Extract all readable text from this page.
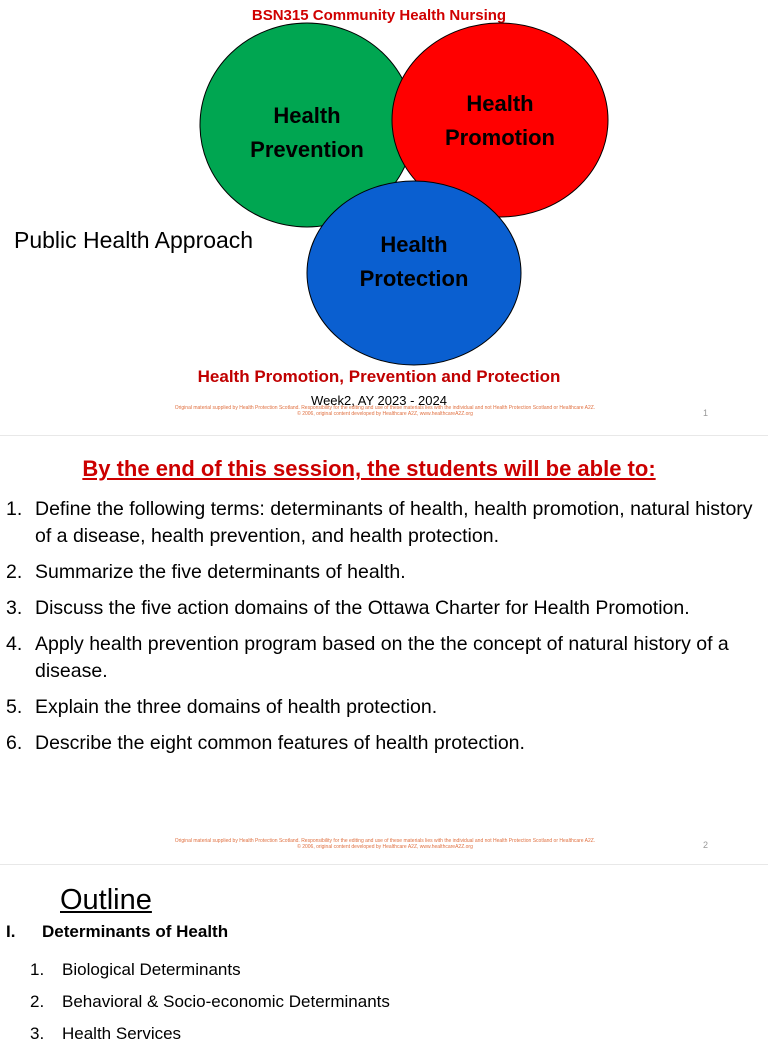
BSN315 Community Health Nursing
Health
Prevention
Health
Promotion
Health
Protection
Public Health Approach
Health Promotion, Prevention and Protection
Week2, AY 2023 - 2024
Original material supplied by Health Protection Scotland. Responsibility for the editing and use of these materials lies with the individual and not Health Protection Scotland or Healthcare A2Z.
© 2006, original content developed by Healthcare A2Z, www.healthcareA2Z.org	1
By the end of this session, the students will be able to:
1. Define the following terms: determinants of health, health promotion, natural history of a disease, health prevention, and health protection.
2. Summarize the five determinants of health.
3. Discuss the five action domains of the Ottawa Charter for Health Promotion.
4. Apply health prevention program based on the the concept of natural history of a disease.
5. Explain the three domains of health protection.
6. Describe the eight common features of health protection.
Original material supplied by Health Protection Scotland. Responsibility for the editing and use of these materials lies with the individual and not Health Protection Scotland or Healthcare A2Z.
© 2006, original content developed by Healthcare A2Z, www.healthcareA2Z.org	2
Outline
I. Determinants of Health
1. Biological Determinants
2. Behavioral & Socio-economic Determinants
3. Health Services
